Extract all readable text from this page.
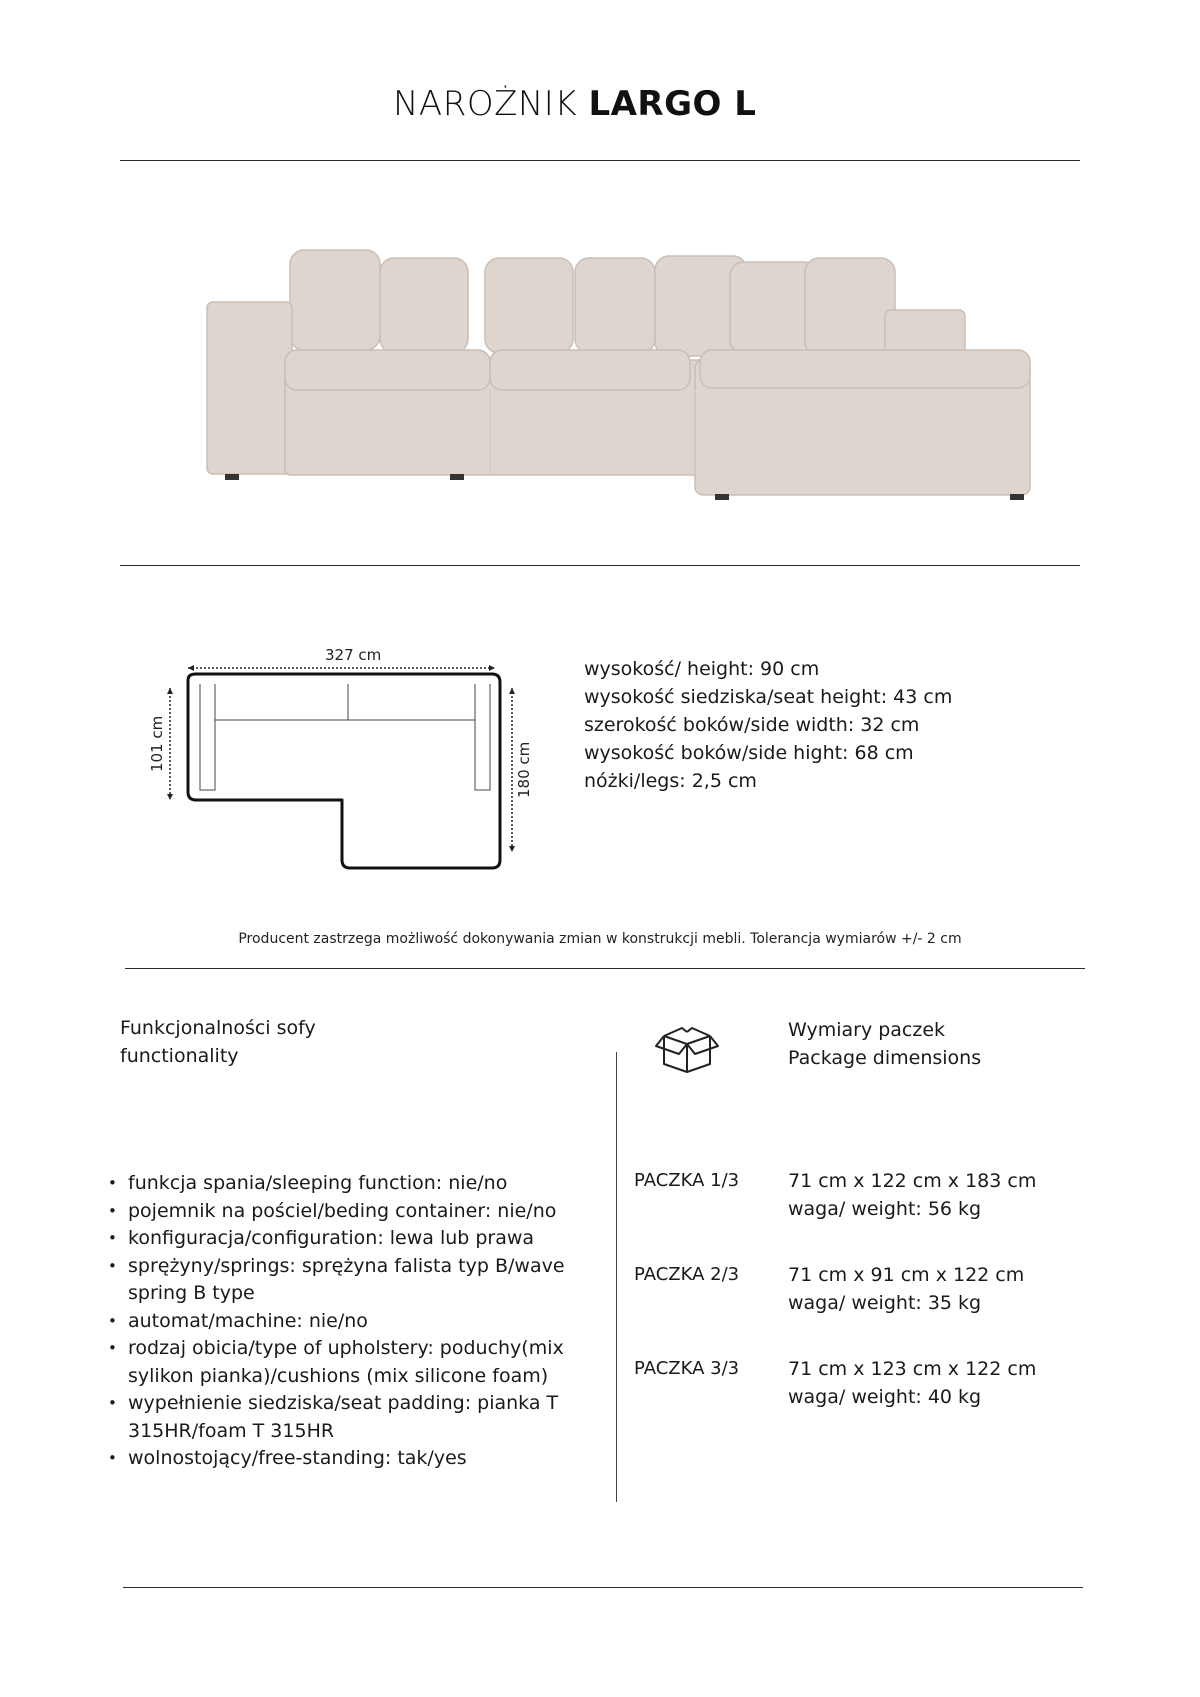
NAROŻNIK LARGO L
327 cm
101 cm	180 cm
wysokość/ height: 90 cm
wysokość siedziska/seat height: 43 cm
szerokość boków/side width: 32 cm
wysokość boków/side hight: 68 cm
nóżki/legs: 2,5 cm
Producent zastrzega możliwość dokonywania zmian w konstrukcji mebli. Tolerancja wymiarów +/- 2 cm
Funkcjonalności sofy
functionality
Wymiary paczek
Package dimensions
• funkcja spania/sleeping function: nie/no
• pojemnik na pościel/beding container: nie/no
• konfiguracja/configuration: lewa lub prawa
• sprężyny/springs: sprężyna falista typ B/wave spring B type
• automat/machine: nie/no
• rodzaj obicia/type of upholstery: poduchy(mix sylikon pianka)/cushions (mix silicone foam)
• wypełnienie siedziska/seat padding: pianka T 315HR/foam T 315HR
• wolnostojący/free-standing: tak/yes
PACZKA 1/3	71 cm x 122 cm x 183 cm
waga/ weight: 56 kg
PACZKA 2/3	71 cm x 91 cm x 122 cm
waga/ weight: 35 kg
PACZKA 3/3	71 cm x 123 cm x 122 cm
waga/ weight: 40 kg
